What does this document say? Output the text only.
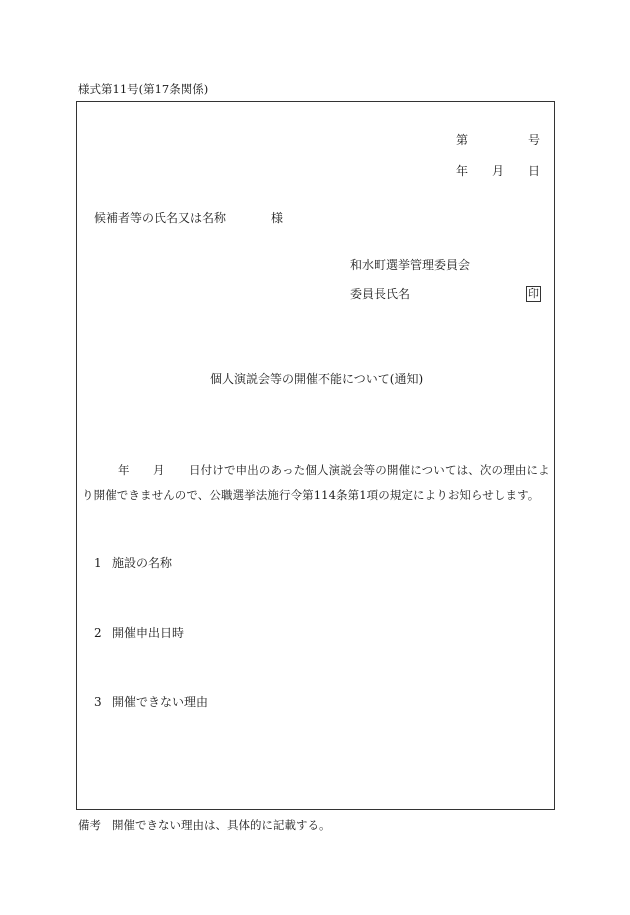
様式第11号(第17条関係)
第	号
年 月 日
候補者等の氏名又は名称	様
和水町選挙管理委員会
委員長氏名	印
個人演説会等の開催不能について(通知)
年 月 日付けで申出のあった個人演説会等の開催については、次の理由によ
り開催できませんので、公職選挙法施行令第114条第1項の規定によりお知らせします。
1 施設の名称
2 開催申出日時
3 開催できない理由
備考 開催できない理由は、具体的に記載する。
